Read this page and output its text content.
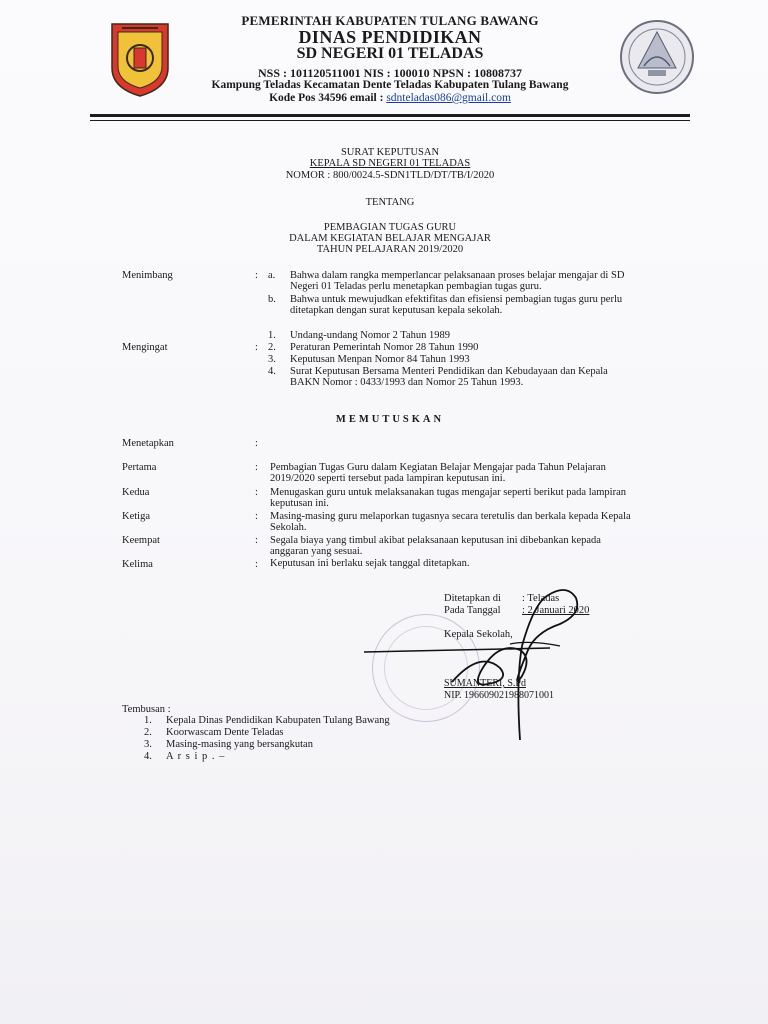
PEMERINTAH KABUPATEN TULANG BAWANG
DINAS PENDIDIKAN
SD NEGERI 01 TELADAS
NSS : 101120511001 NIS : 100010 NPSN : 10808737
Kampung Teladas Kecamatan Dente Teladas Kabupaten Tulang Bawang
Kode Pos 34596 email : sdnteladas086@gmail.com
SURAT KEPUTUSAN
KEPALA SD NEGERI 01 TELADAS
NOMOR : 800/0024.5-SDN1TLD/DT/TB/I/2020
TENTANG
PEMBAGIAN TUGAS GURU
DALAM KEGIATAN BELAJAR MENGAJAR
TAHUN PELAJARAN 2019/2020
Menimbang	: a. Bahwa dalam rangka memperlancar pelaksanaan proses belajar mengajar di SD
Negeri 01 Teladas perlu menetapkan pembagian tugas guru.
b. Bahwa untuk mewujudkan efektifitas dan efisiensi pembagian tugas guru perlu
ditetapkan dengan surat keputusan kepala sekolah.
1. Undang-undang Nomor 2 Tahun 1989
Mengingat	: 2. Peraturan Pemerintah Nomor 28 Tahun 1990
3. Keputusan Menpan Nomor 84 Tahun 1993
4. Surat Keputusan Bersama Menteri Pendidikan dan Kebudayaan dan Kepala
BAKN Nomor : 0433/1993 dan Nomor 25 Tahun 1993.
MEMUTUSKAN
Menetapkan	:
Pertama	: Pembagian Tugas Guru dalam Kegiatan Belajar Mengajar pada Tahun Pelajaran
2019/2020 seperti tersebut pada lampiran keputusan ini.
Kedua	: Menugaskan guru untuk melaksanakan tugas mengajar seperti berikut pada lampiran
keputusan ini.
Ketiga	: Masing-masing guru melaporkan tugasnya secara teretulis dan berkala kepada Kepala
Sekolah.
Keempat	: Segala biaya yang timbul akibat pelaksanaan keputusan ini dibebankan kepada
anggaran yang sesuai.
Kelima	: Keputusan ini berlaku sejak tanggal ditetapkan.
Ditetapkan di : Teladas
Pada Tanggal : 2 Januari 2020
Kepala Sekolah,
SUMANTERI, S.Pd
NIP. 196609021988071001
Tembusan :
1. Kepala Dinas Pendidikan Kabupaten Tulang Bawang
2. Koorwascam Dente Teladas
3. Masing-masing yang bersangkutan
4. A r s i p . –
